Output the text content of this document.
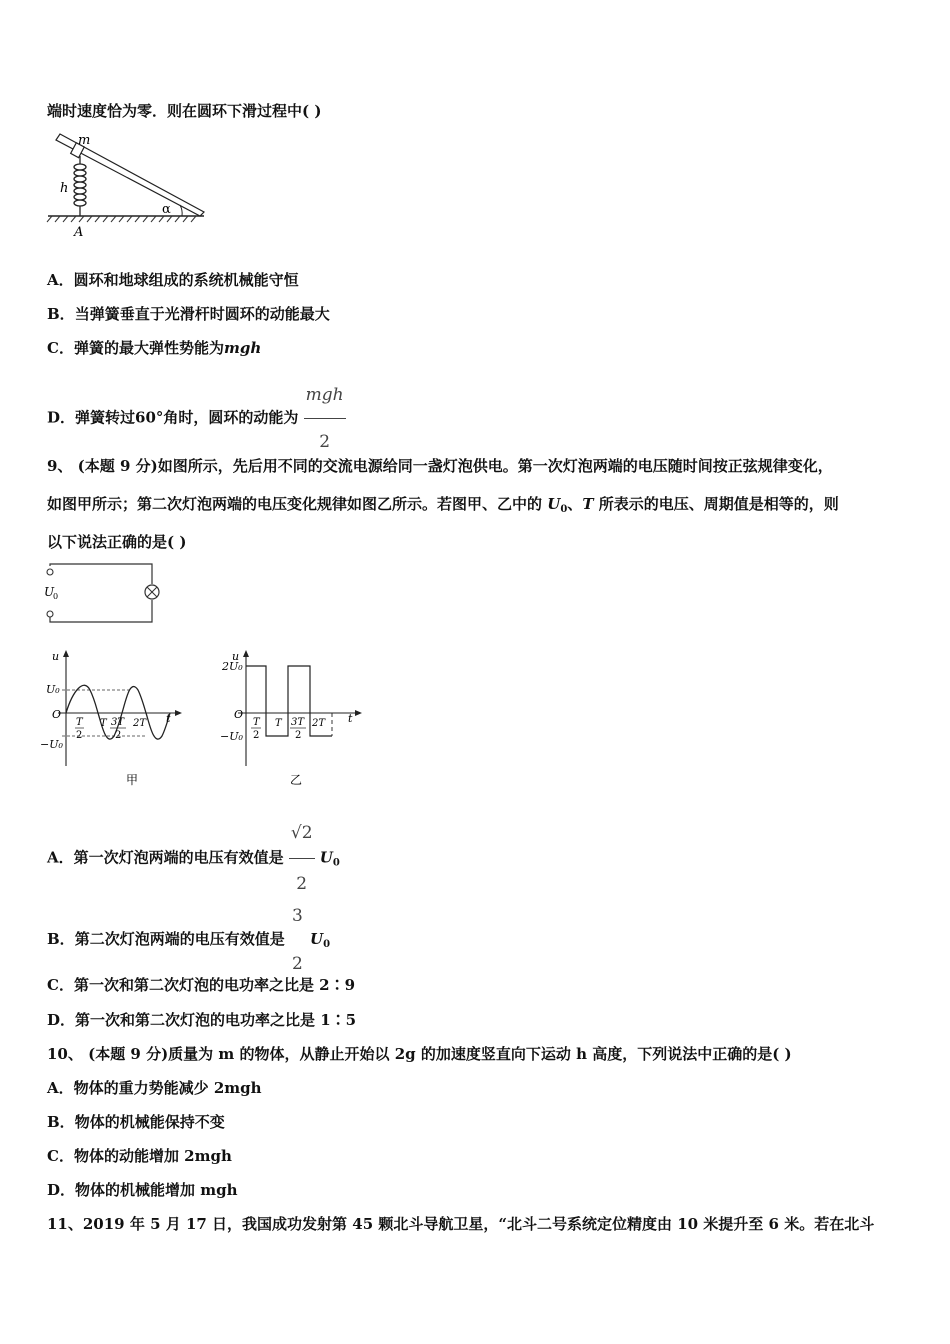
端时速度恰为零．则在圆环下滑过程中( )
m
h
α
A
A．圆环和地球组成的系统机械能守恒
B．当弹簧垂直于光滑杆时圆环的动能最大
C．弹簧的最大弹性势能为mgh
D．弹簧转过60°角时，圆环的动能为 $\frac{\text{mgh}}{2}$
9、 (本题 9 分)如图所示，先后用不同的交流电源给同一盏灯泡供电。第一次灯泡两端的电压随时间按正弦规律变化，
如图甲所示；第二次灯泡两端的电压变化规律如图乙所示。若图甲、乙中的 $U_0$、T 所表示的电压、周期值是相等的，则
以下说法正确的是( )
U
0
u
U₀
O
−U₀
T
2
T 3T
2
2T t
甲
u
2U₀
O
−U₀
T
2
T 3T
2
2T t
乙
A．第一次灯泡两端的电压有效值是 $\frac{√2}{2} U_0$
B．第二次灯泡两端的电压有效值是
3
2
$U_0$
C．第一次和第二次灯泡的电功率之比是 2∶9
D．第一次和第二次灯泡的电功率之比是 1∶5
10、 (本题 9 分)质量为 m 的物体，从静止开始以 2g 的加速度竖直向下运动 h 高度，下列说法中正确的是( )
A．物体的重力势能减少 2mgh
B．物体的机械能保持不变
C．物体的动能增加 2mgh
D．物体的机械能增加 mgh
11、2019 年 5 月 17 日，我国成功发射第 45 颗北斗导航卫星，“北斗二号系统定位精度由 10 米提升至 6 米。若在北斗
